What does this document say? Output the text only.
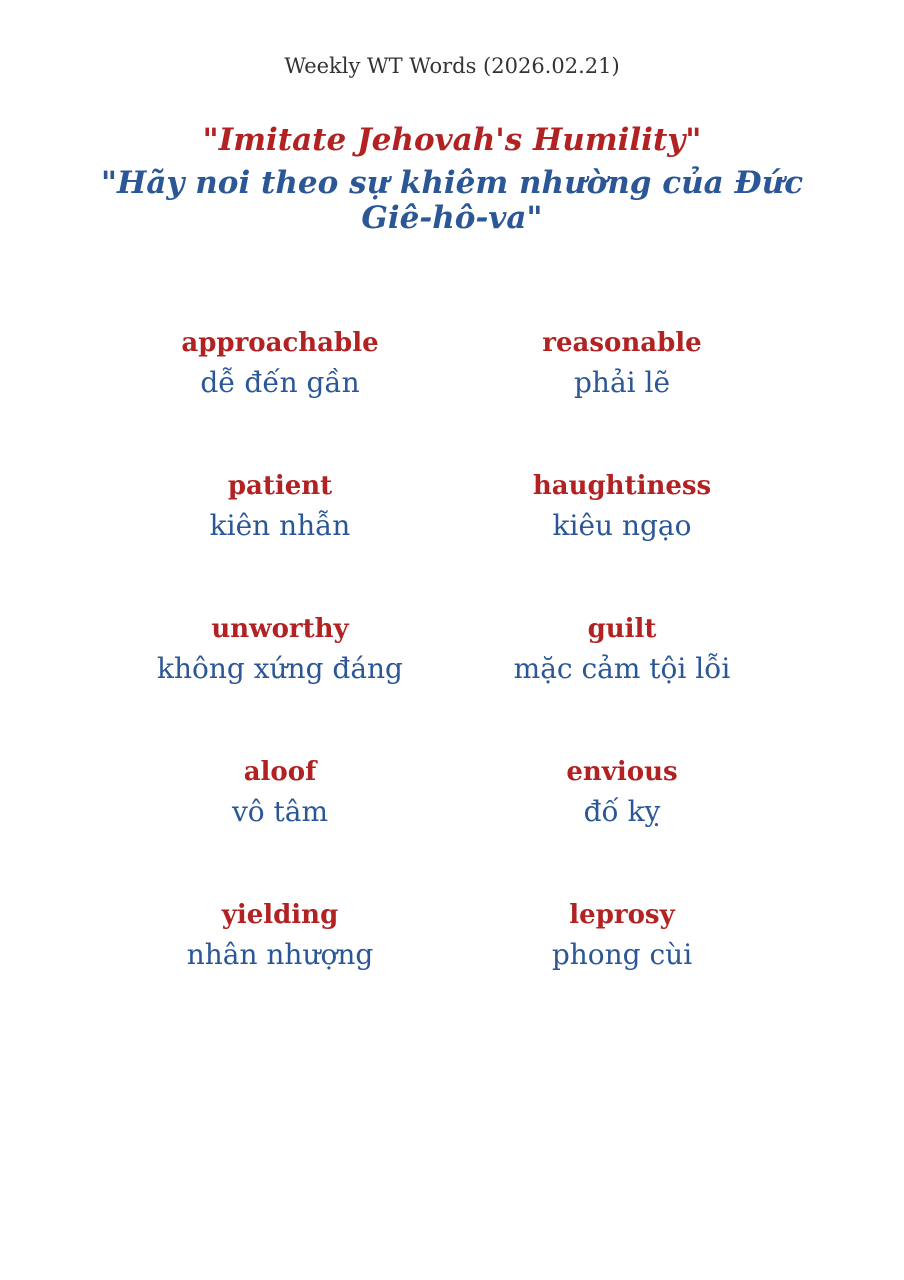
Weekly WT Words (2026.02.21)
"Imitate Jehovah's Humility"
"Hãy noi theo sự khiêm nhường của Đức Giê-hô-va"
approachable
dễ đến gần
reasonable
phải lẽ
patient
kiên nhẫn
haughtiness
kiêu ngạo
unworthy
không xứng đáng
guilt
mặc cảm tội lỗi
aloof
vô tâm
envious
đố kỵ
yielding
nhân nhượng
leprosy
phong cùi
